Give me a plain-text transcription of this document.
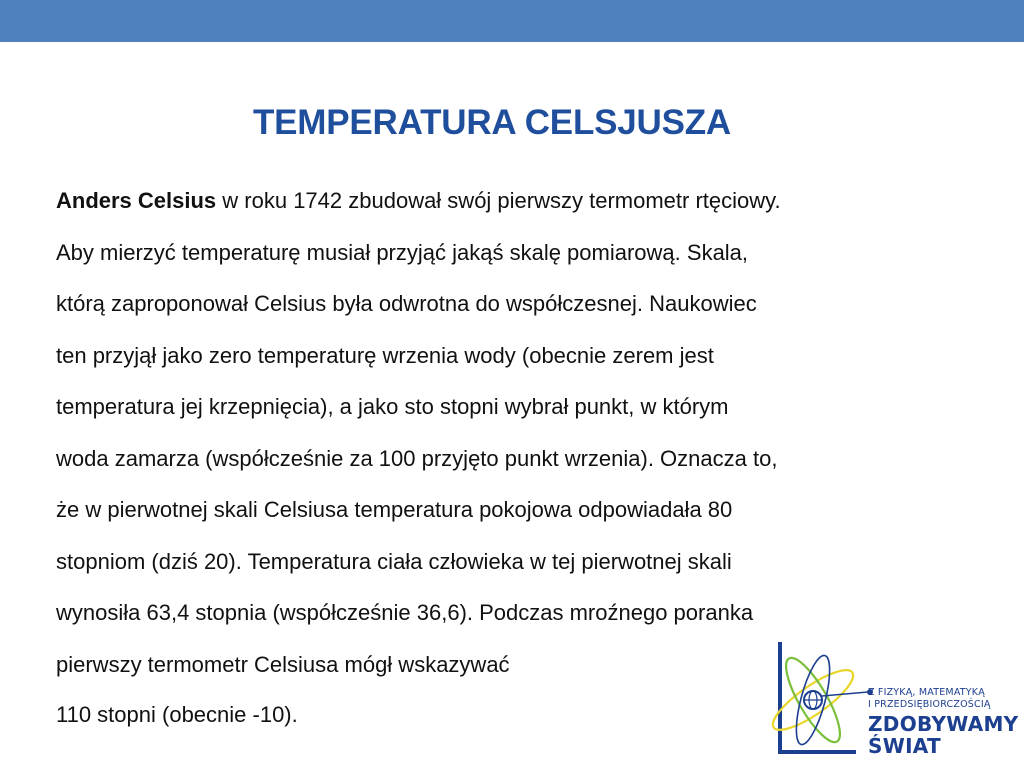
TEMPERATURA CELSJUSZA
Anders Celsius w roku 1742 zbudował swój pierwszy termometr rtęciowy.
Aby mierzyć temperaturę musiał przyjąć jakąś skalę pomiarową. Skala,
którą zaproponował Celsius była odwrotna do współczesnej. Naukowiec
ten przyjął jako zero temperaturę wrzenia wody (obecnie zerem jest
temperatura jej krzepnięcia), a jako sto stopni wybrał punkt, w którym
woda zamarza (współcześnie za 100 przyjęto punkt wrzenia). Oznacza to,
że w pierwotnej skali Celsiusa temperatura pokojowa odpowiadała 80
stopniom (dziś 20). Temperatura ciała człowieka w tej pierwotnej skali
wynosiła 63,4 stopnia (współcześnie 36,6). Podczas mroźnego poranka
pierwszy termometr Celsiusa mógł wskazywać
110 stopni (obecnie -10).
Z FIZYKĄ, MATEMATYKĄ
I PRZEDSIĘBIORCZOŚCIĄ
ZDOBYWAMY
ŚWIAT
